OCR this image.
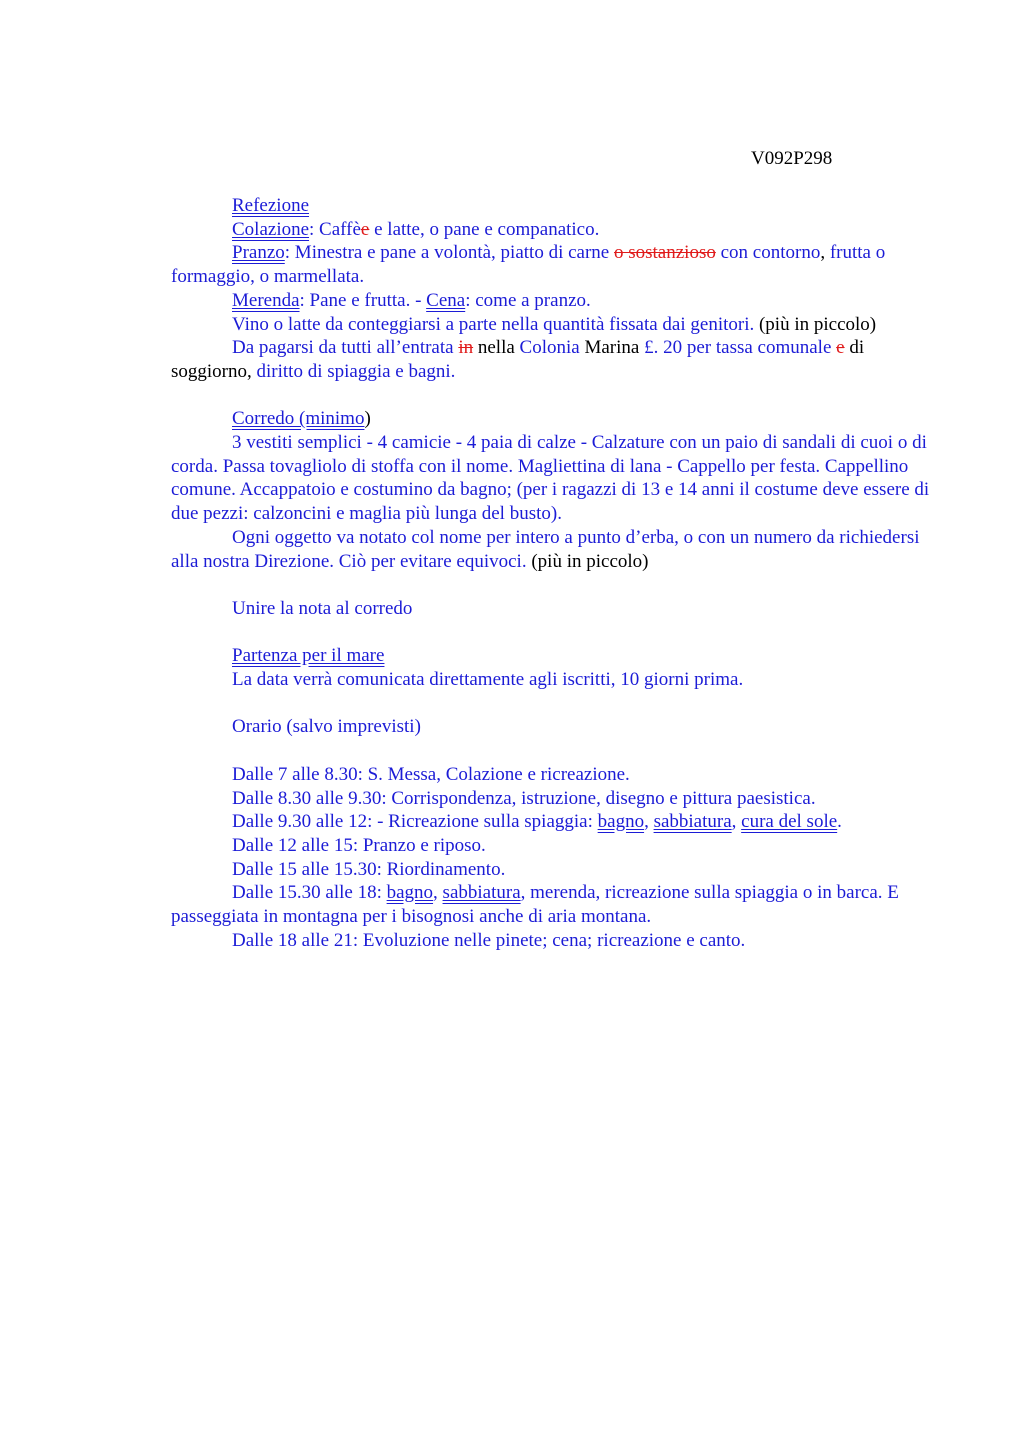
V092P298

Refezione

Colazione: Caffèe e latte, o pane e companatico.

Pranzo: Minestra e pane a volontà, piatto di carne o sostanzioso con contorno, frutta o formaggio, o marmellata.

Merenda: Pane e frutta. - Cena: come a pranzo.

Vino o latte da conteggiarsi a parte nella quantità fissata dai genitori. (più in piccolo)

Da pagarsi da tutti all’entrata in nella Colonia Marina £. 20 per tassa comunale e di soggiorno, diritto di spiaggia e bagni.

Corredo (minimo)

3 vestiti semplici - 4 camicie - 4 paia di calze - Calzature con un paio di sandali di cuoi o di corda. Passa tovagliolo di stoffa con il nome. Magliettina di lana - Cappello per festa. Cappellino comune. Accappatoio e costumino da bagno; (per i ragazzi di 13 e 14 anni il costume deve essere di due pezzi: calzoncini e maglia più lunga del busto).

Ogni oggetto va notato col nome per intero a punto d’erba, o con un numero da richiedersi alla nostra Direzione. Ciò per evitare equivoci. (più in piccolo)

Unire la nota al corredo

Partenza per il mare

La data verrà comunicata direttamente agli iscritti, 10 giorni prima.

Orario (salvo imprevisti)

Dalle 7 alle 8.30: S. Messa, Colazione e ricreazione.

Dalle 8.30 alle 9.30: Corrispondenza, istruzione, disegno e pittura paesistica.

Dalle 9.30 alle 12: - Ricreazione sulla spiaggia: bagno, sabbiatura, cura del sole.

Dalle 12 alle 15: Pranzo e riposo.

Dalle 15 alle 15.30: Riordinamento.

Dalle 15.30 alle 18: bagno, sabbiatura, merenda, ricreazione sulla spiaggia o in barca. E passeggiata in montagna per i bisognosi anche di aria montana.

Dalle 18 alle 21: Evoluzione nelle pinete; cena; ricreazione e canto.
